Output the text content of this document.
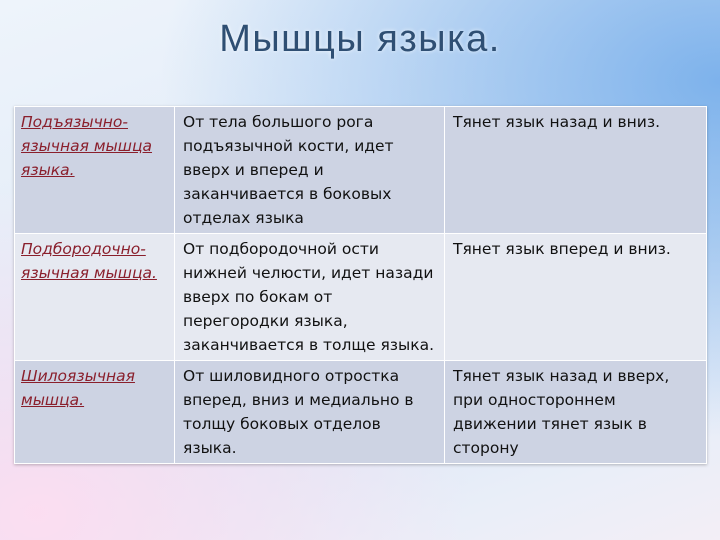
Мышцы языка.
Подъязычно-язычная мышца языка.	От тела большого рога подъязычной кости, идет вверх и вперед и заканчивается в боковых отделах языка	Тянет язык назад и вниз.
Подбородочно-язычная мышца.	От подбородочной ости нижней челюсти, идет назади вверх по бокам от перегородки языка, заканчивается в толще языка.	Тянет язык вперед и вниз.
Шилоязычная мышца.	От шиловидного отростка вперед, вниз и медиально в толщу боковых отделов языка.	Тянет язык назад и вверх, при одностороннем движении тянет язык в сторону
